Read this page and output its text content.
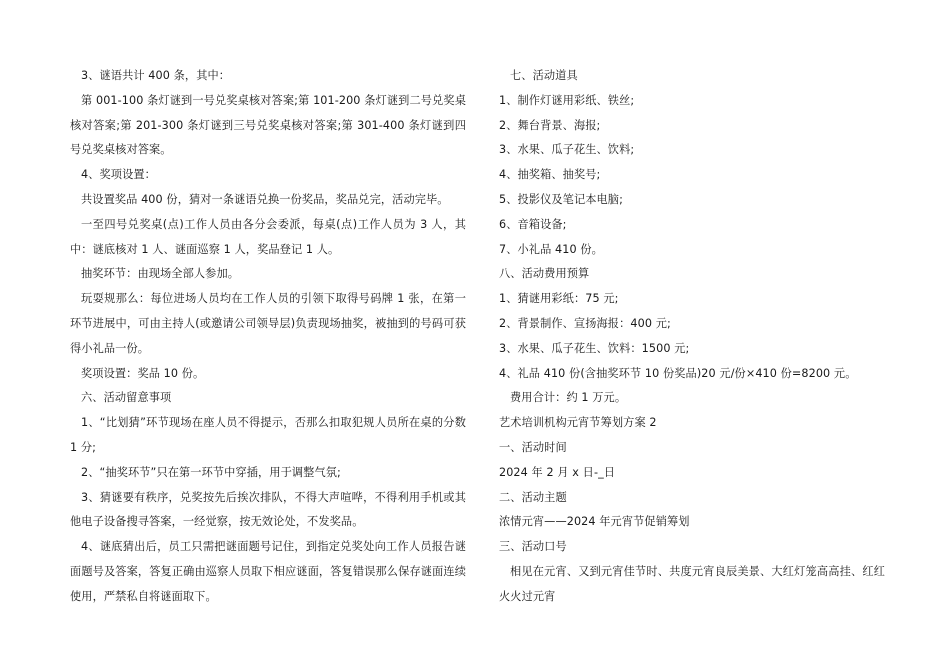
3、谜语共计 400 条，其中：

第 001-100 条灯谜到一号兑奖桌核对答案;第 101-200 条灯谜到二号兑奖桌核对答案;第 201-300 条灯谜到三号兑奖桌核对答案;第 301-400 条灯谜到四号兑奖桌核对答案。

4、奖项设置：

共设置奖品 400 份，猜对一条谜语兑换一份奖品，奖品兑完，活动完毕。

一至四号兑奖桌(点)工作人员由各分会委派，每桌(点)工作人员为 3 人，其中：谜底核对 1 人、谜面巡察 1 人，奖品登记 1 人。

抽奖环节：由现场全部人参加。

玩耍规那么：每位进场人员均在工作人员的引领下取得号码牌 1 张，在第一环节进展中，可由主持人(或邀请公司领导层)负责现场抽奖，被抽到的号码可获得小礼品一份。

奖项设置：奖品 10 份。

六、活动留意事项

1、“比划猜”环节现场在座人员不得提示，否那么扣取犯规人员所在桌的分数 1 分;

2、“抽奖环节”只在第一环节中穿插，用于调整气氛;

3、猜谜要有秩序，兑奖按先后挨次排队，不得大声喧哗，不得利用手机或其他电子设备搜寻答案，一经觉察，按无效论处，不发奖品。

4、谜底猜出后，员工只需把谜面题号记住，到指定兑奖处向工作人员报告谜面题号及答案，答复正确由巡察人员取下相应谜面，答复错误那么保存谜面连续使用，严禁私自将谜面取下。

七、活动道具

1、制作灯谜用彩纸、铁丝;

2、舞台背景、海报;

3、水果、瓜子花生、饮料;

4、抽奖箱、抽奖号;

5、投影仪及笔记本电脑;

6、音箱设备;

7、小礼品 410 份。

八、活动费用预算

1、猜谜用彩纸：75 元;

2、背景制作、宣扬海报：400 元;

3、水果、瓜子花生、饮料：1500 元;

4、礼品 410 份(含抽奖环节 10 份奖品)20 元/份×410 份=8200 元。

费用合计：约 1 万元。

艺术培训机构元宵节筹划方案 2

一、活动时间

2024 年 2 月 x 日-_日

二、活动主题

浓情元宵——2024 年元宵节促销筹划

三、活动口号

相见在元宵、又到元宵佳节时、共度元宵良辰美景、大红灯笼高高挂、红红火火过元宵
